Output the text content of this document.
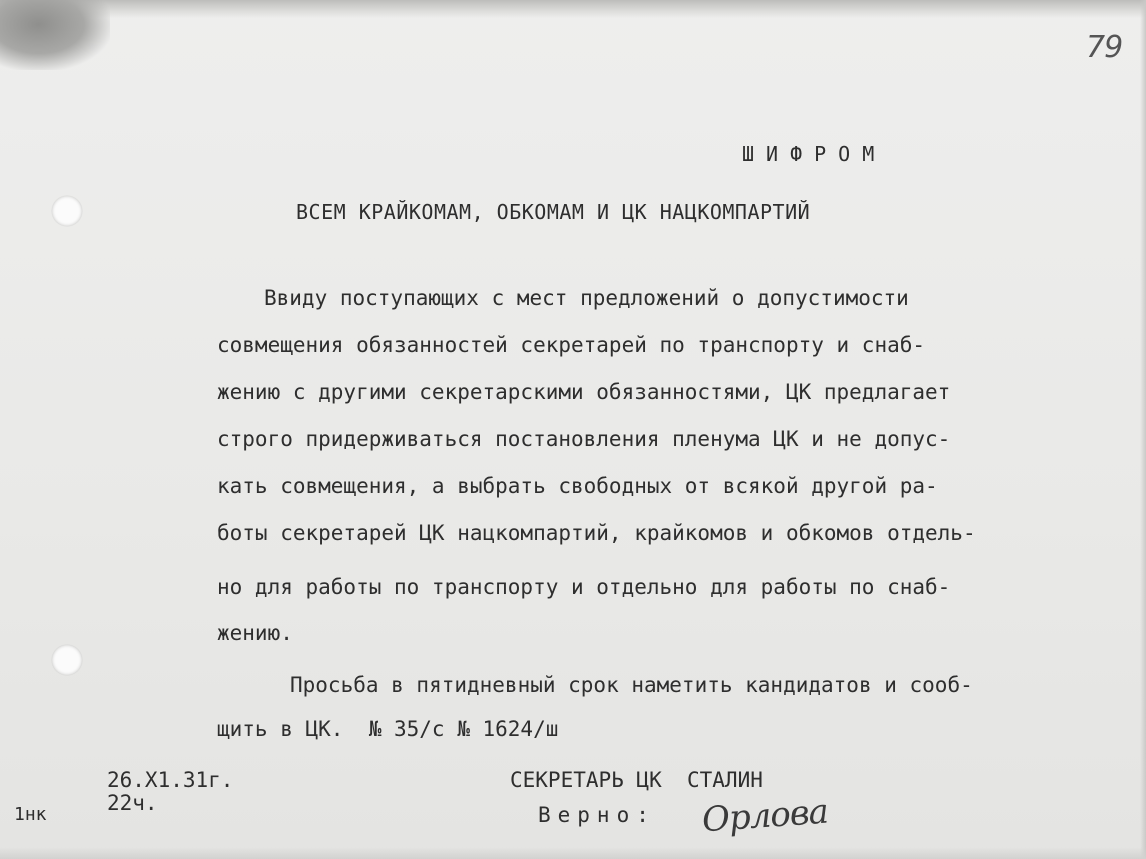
79
ШИФРОМ
ВСЕМ КРАЙКОМАМ, ОБКОМАМ И ЦК НАЦКОМПАРТИЙ
Ввиду поступающих с мест предложений о допустимости
совмещения обязанностей секретарей по транспорту и снаб-
жению с другими секретарскими обязанностями, ЦК предлагает
строго придерживаться постановления пленума ЦК и не допус-
кать совмещения, а выбрать свободных от всякой другой ра-
боты секретарей ЦК нацкомпартий, крайкомов и обкомов отдель-
но для работы по транспорту и отдельно для работы по снаб-
жению.
Просьба в пятидневный срок наметить кандидатов и сооб-
щить в ЦК.  № 35/с № 1624/ш
26.Х1.31г.
22ч.
1нк
СЕКРЕТАРЬ ЦК  СТАЛИН
Верно: Орлова
